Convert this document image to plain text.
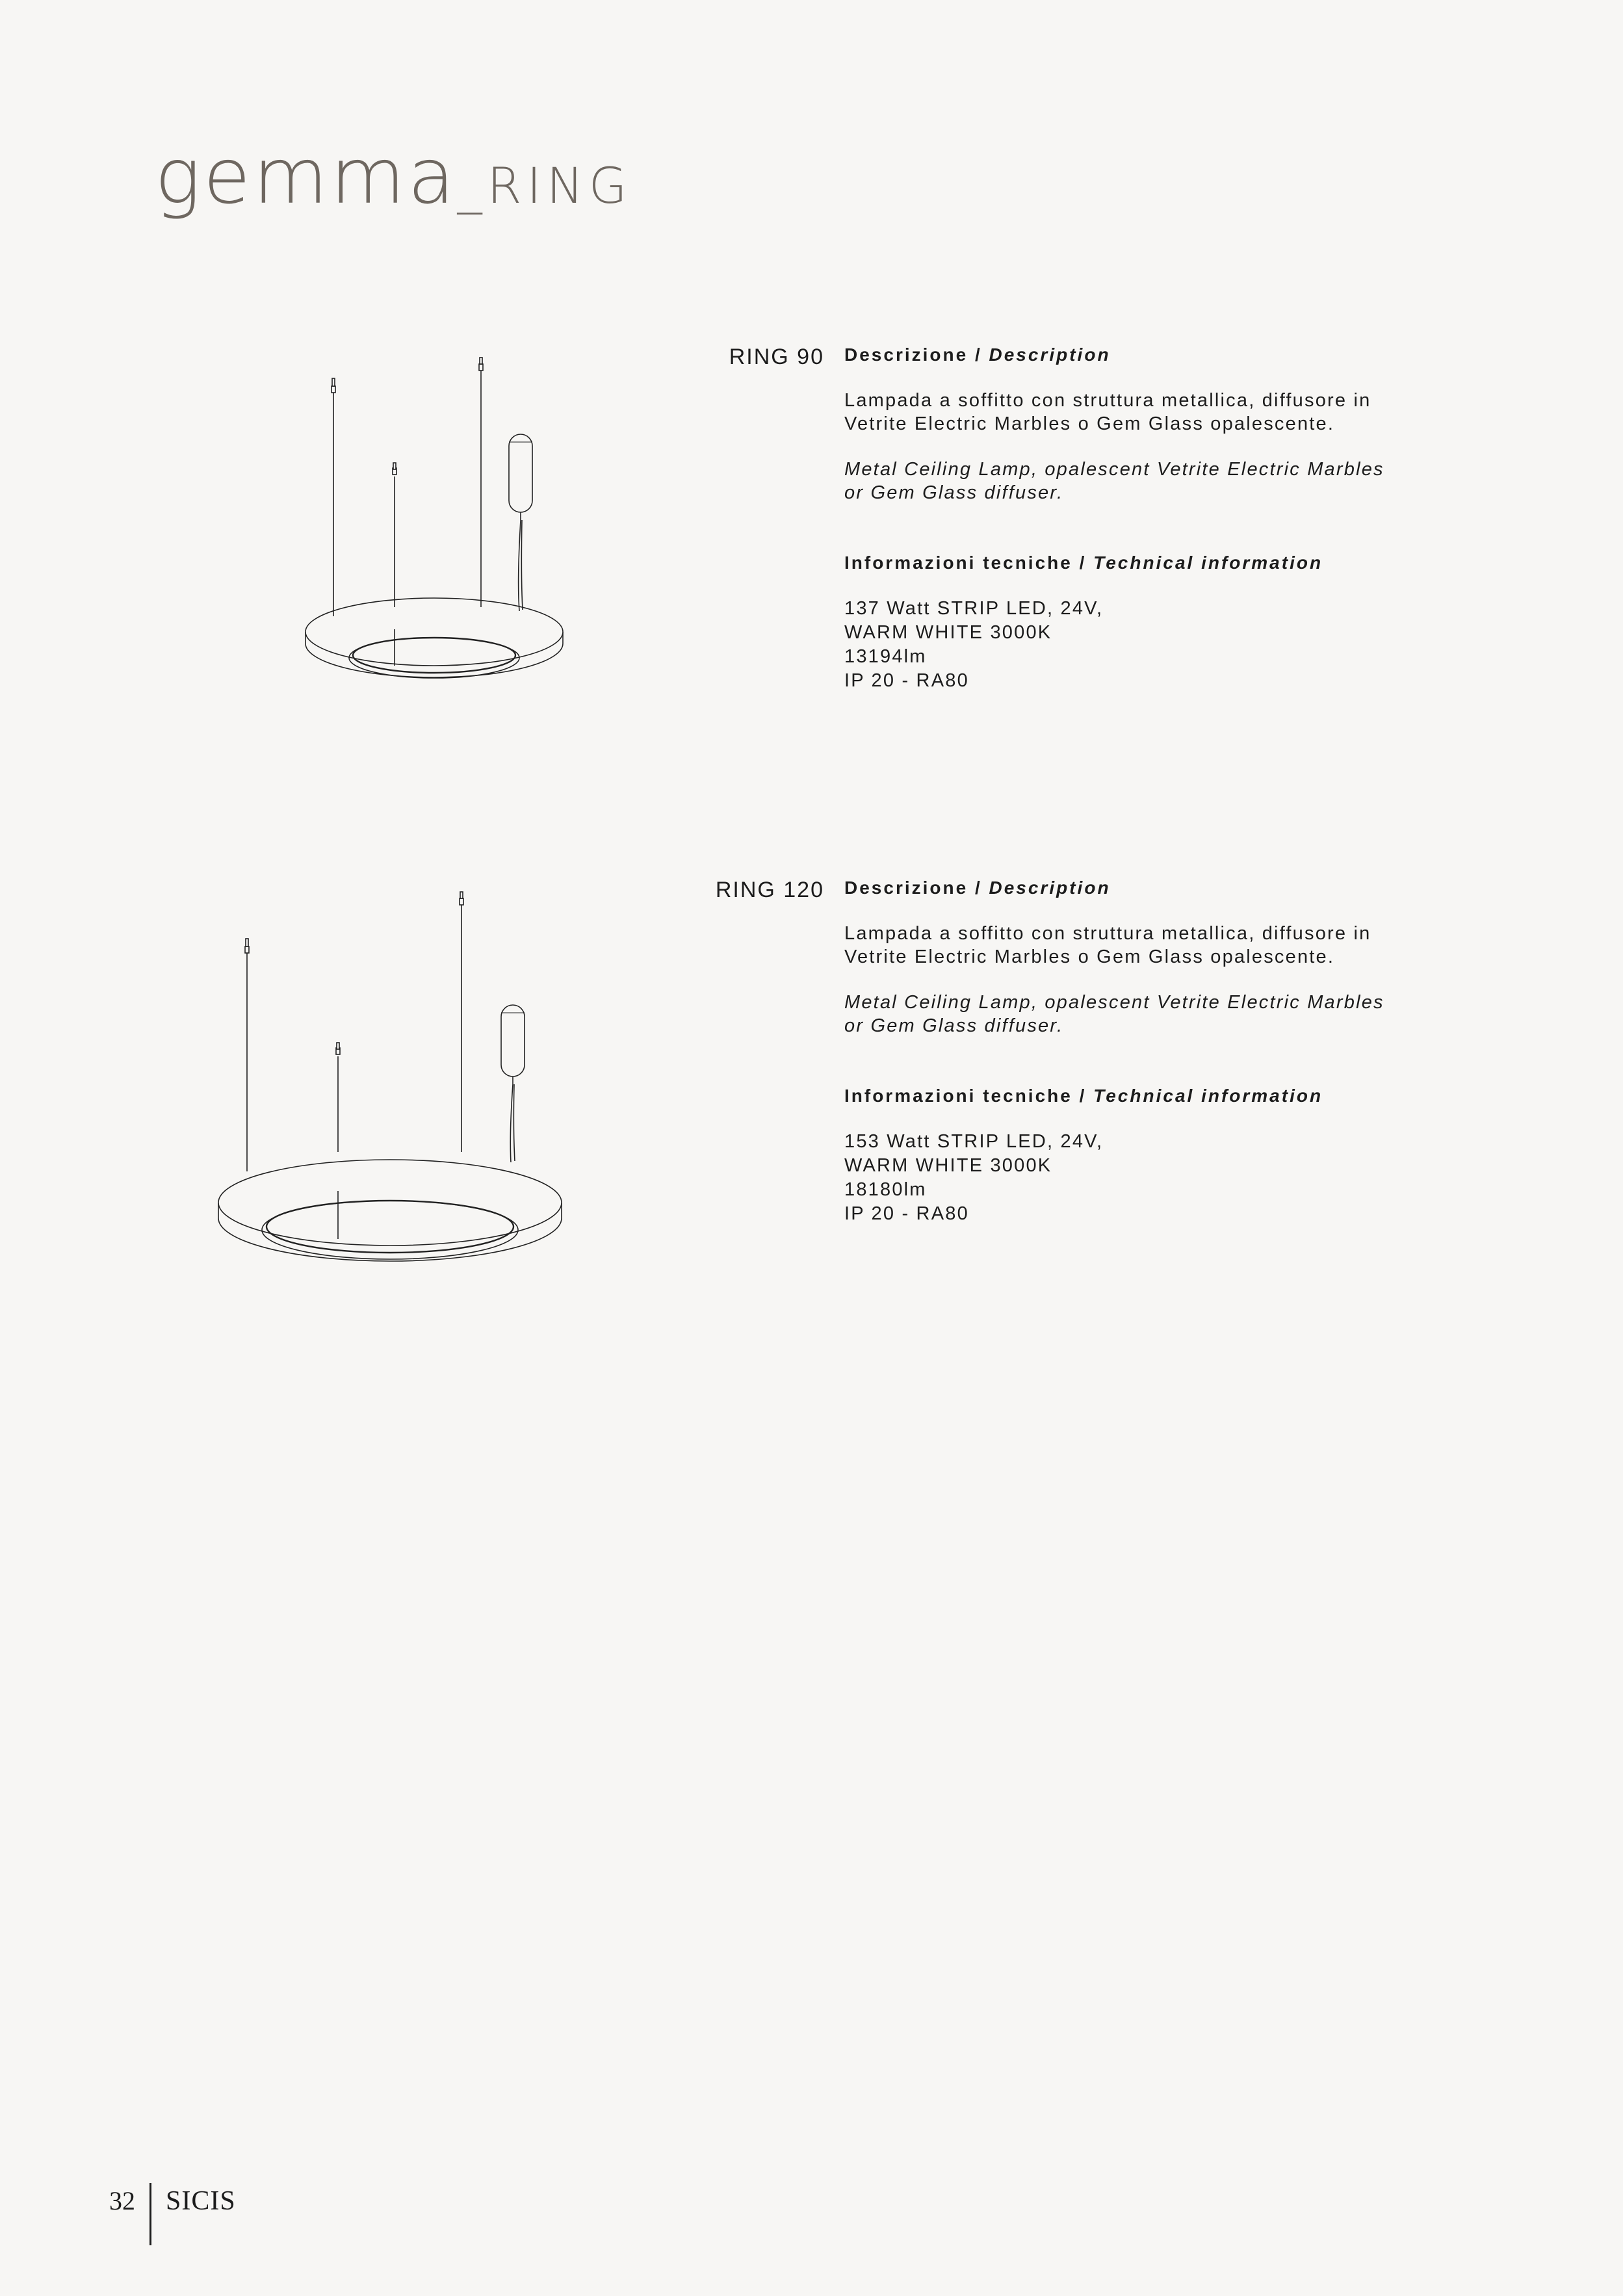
gemma _RING
RING 90 Descrizione / Description
Lampada a soffitto con struttura metallica, diffusore in
Vetrite Electric Marbles o Gem Glass opalescente.
Metal Ceiling Lamp, opalescent Vetrite Electric Marbles
or Gem Glass diffuser.
Informazioni tecniche / Technical information
137 Watt STRIP LED, 24V,
WARM WHITE 3000K
13194lm
IP 20 - RA80
RING 120 Descrizione / Description
Lampada a soffitto con struttura metallica, diffusore in
Vetrite Electric Marbles o Gem Glass opalescente.
Metal Ceiling Lamp, opalescent Vetrite Electric Marbles
or Gem Glass diffuser.
Informazioni tecniche / Technical information
153 Watt STRIP LED, 24V,
WARM WHITE 3000K
18180lm
IP 20 - RA80
32	SICIS
